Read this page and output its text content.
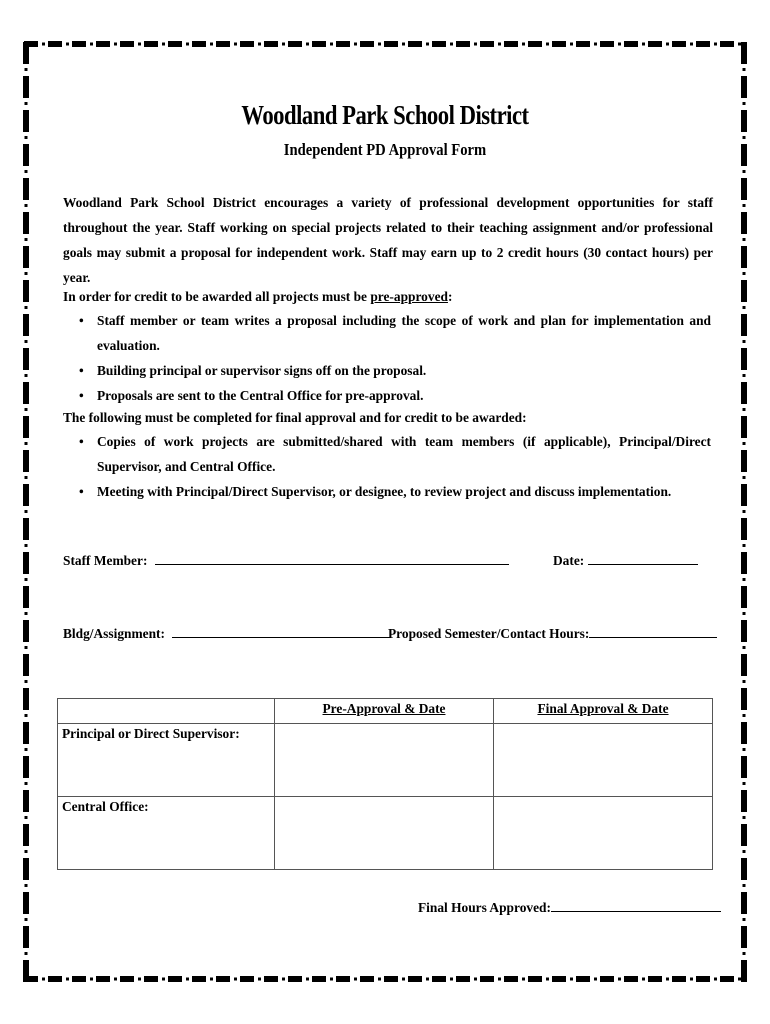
Woodland Park School District
Independent PD Approval Form
Woodland Park School District encourages a variety of professional development opportunities for staff throughout the year. Staff working on special projects related to their teaching assignment and/or professional goals may submit a proposal for independent work. Staff may earn up to 2 credit hours (30 contact hours) per year.
In order for credit to be awarded all projects must be pre-approved:
• Staff member or team writes a proposal including the scope of work and plan for implementation and evaluation.
• Building principal or supervisor signs off on the proposal.
• Proposals are sent to the Central Office for pre-approval.
The following must be completed for final approval and for credit to be awarded:
• Copies of work projects are submitted/shared with team members (if applicable), Principal/Direct Supervisor, and Central Office.
• Meeting with Principal/Direct Supervisor, or designee, to review project and discuss implementation.
Staff Member:	Date:
Bldg/Assignment:	Proposed Semester/Contact Hours:
	Pre-Approval & Date	Final Approval & Date
Principal or Direct Supervisor:		
Central Office:		
Final Hours Approved:
